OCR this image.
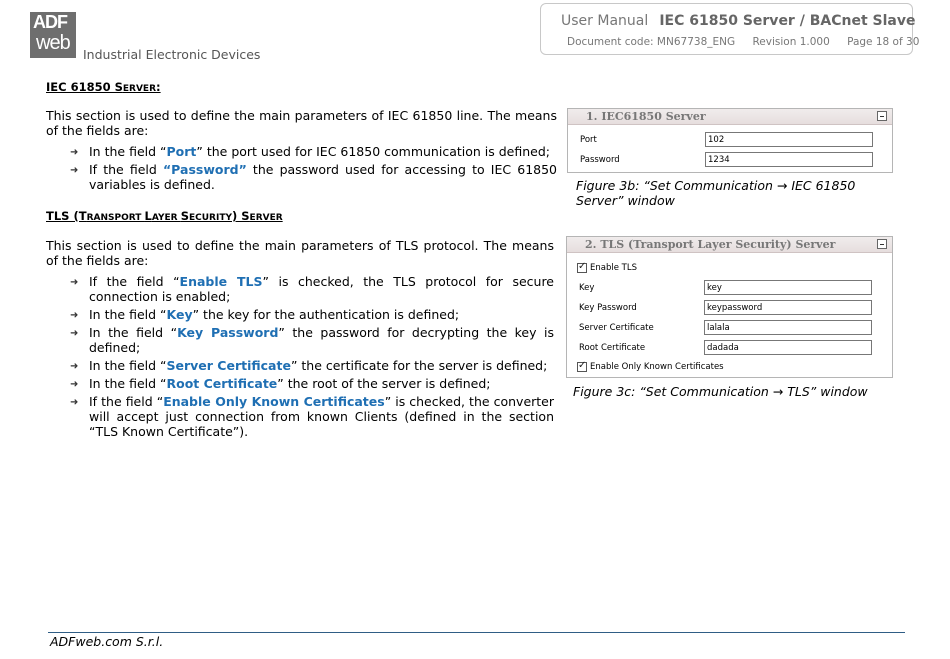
ADF
web
Industrial Electronic Devices
User Manual IEC 61850 Server / BACnet Slave
Document code: MN67738_ENG Revision 1.000 Page 18 of 30
IEC 61850 SERVER:
This section is used to define the main parameters of IEC 61850 line. The means of the fields are:
➜ In the field “Port” the port used for IEC 61850 communication is defined;
➜ If the field “Password” the password used for accessing to IEC 61850 variables is defined.
TLS (TRANSPORT LAYER SECURITY) SERVER
This section is used to define the main parameters of TLS protocol. The means of the fields are:
➜ If the field “Enable TLS” is checked, the TLS protocol for secure connection is enabled;
➜ In the field “Key” the key for the authentication is defined;
➜ In the field “Key Password” the password for decrypting the key is defined;
➜ In the field “Server Certificate” the certificate for the server is defined;
➜ In the field “Root Certificate” the root of the server is defined;
➜ If the field “Enable Only Known Certificates” is checked, the converter will accept just connection from known Clients (defined in the section “TLS Known Certificate”).
1. IEC61850 Server
Port
102
Password
1234
Figure 3b: “Set Communication → IEC 61850 Server” window
2. TLS (Transport Layer Security) Server
✓
Enable TLS
Key
key
Key Password
keypassword
Server Certificate
lalala
Root Certificate
dadada
✓
Enable Only Known Certificates
Figure 3c: “Set Communication → TLS” window
ADFweb.com S.r.l.
